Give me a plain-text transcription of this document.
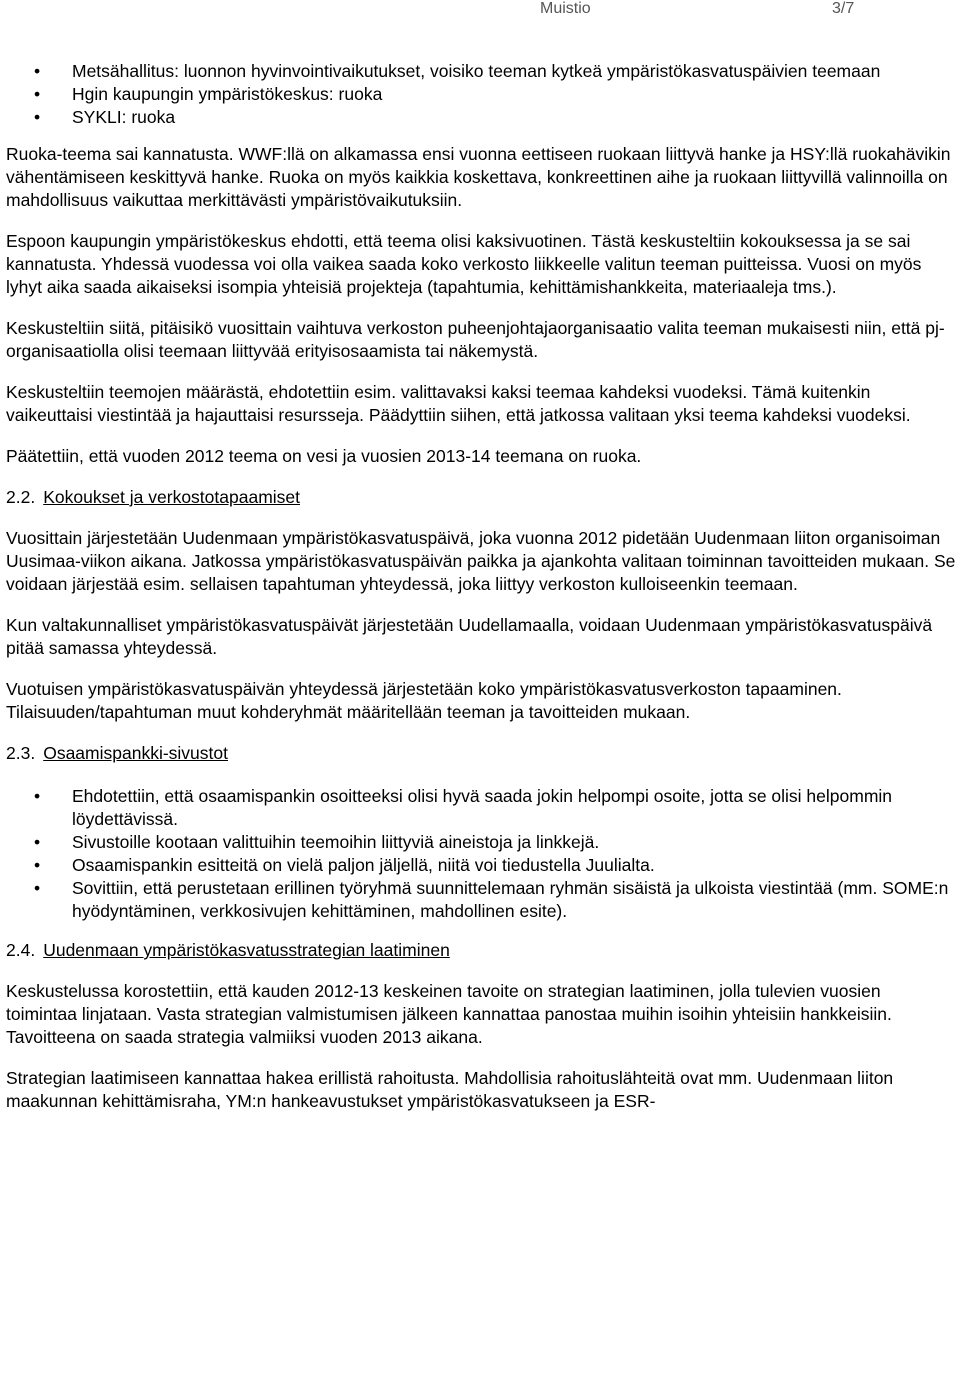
Muistio	3/7
• Metsähallitus: luonnon hyvinvointivaikutukset, voisiko teeman kytkeä ympäristökasvatuspäivien teemaan
• Hgin kaupungin ympäristökeskus: ruoka
• SYKLI: ruoka

Ruoka-teema sai kannatusta. WWF:llä on alkamassa ensi vuonna eettiseen ruokaan liittyvä hanke ja HSY:llä ruokahävikin vähentämiseen keskittyvä hanke. Ruoka on myös kaikkia koskettava, konkreettinen aihe ja ruokaan liittyvillä valinnoilla on mahdollisuus vaikuttaa merkittävästi ympäristövaikutuksiin.

Espoon kaupungin ympäristökeskus ehdotti, että teema olisi kaksivuotinen. Tästä keskusteltiin kokouksessa ja se sai kannatusta. Yhdessä vuodessa voi olla vaikea saada koko verkosto liikkeelle valitun teeman puitteissa. Vuosi on myös lyhyt aika saada aikaiseksi isompia yhteisiä projekteja (tapahtumia, kehittämishankkeita, materiaaleja tms.).

Keskusteltiin siitä, pitäisikö vuosittain vaihtuva verkoston puheenjohtajaorganisaatio valita teeman mukaisesti niin, että pj-organisaatiolla olisi teemaan liittyvää erityisosaamista tai näkemystä.

Keskusteltiin teemojen määrästä, ehdotettiin esim. valittavaksi kaksi teemaa kahdeksi vuodeksi. Tämä kuitenkin vaikeuttaisi viestintää ja hajauttaisi resursseja. Päädyttiin siihen, että jatkossa valitaan yksi teema kahdeksi vuodeksi.

Päätettiin, että vuoden 2012 teema on vesi ja vuosien 2013-14 teemana on ruoka.

2.2. Kokoukset ja verkostotapaamiset

Vuosittain järjestetään Uudenmaan ympäristökasvatuspäivä, joka vuonna 2012 pidetään Uudenmaan liiton organisoiman Uusimaa-viikon aikana. Jatkossa ympäristökasvatuspäivän paikka ja ajankohta valitaan toiminnan tavoitteiden mukaan. Se voidaan järjestää esim. sellaisen tapahtuman yhteydessä, joka liittyy verkoston kulloiseenkin teemaan.

Kun valtakunnalliset ympäristökasvatuspäivät järjestetään Uudellamaalla, voidaan Uudenmaan ympäristökasvatuspäivä pitää samassa yhteydessä.

Vuotuisen ympäristökasvatuspäivän yhteydessä järjestetään koko ympäristökasvatusverkoston tapaaminen. Tilaisuuden/tapahtuman muut kohderyhmät määritellään teeman ja tavoitteiden mukaan.

2.3. Osaamispankki-sivustot
• Ehdotettiin, että osaamispankin osoitteeksi olisi hyvä saada jokin helpompi osoite, jotta se olisi helpommin löydettävissä.
• Sivustoille kootaan valittuihin teemoihin liittyviä aineistoja ja linkkejä.
• Osaamispankin esitteitä on vielä paljon jäljellä, niitä voi tiedustella Juulialta.
• Sovittiin, että perustetaan erillinen työryhmä suunnittelemaan ryhmän sisäistä ja ulkoista viestintää (mm. SOME:n hyödyntäminen, verkkosivujen kehittäminen, mahdollinen esite).
2.4. Uudenmaan ympäristökasvatusstrategian laatiminen

Keskustelussa korostettiin, että kauden 2012-13 keskeinen tavoite on strategian laatiminen, jolla tulevien vuosien toimintaa linjataan. Vasta strategian valmistumisen jälkeen kannattaa panostaa muihin isoihin yhteisiin hankkeisiin. Tavoitteena on saada strategia valmiiksi vuoden 2013 aikana.

Strategian laatimiseen kannattaa hakea erillistä rahoitusta. Mahdollisia rahoituslähteitä ovat mm. Uudenmaan liiton maakunnan kehittämisraha, YM:n hankeavustukset ympäristökasvatukseen ja ESR-
